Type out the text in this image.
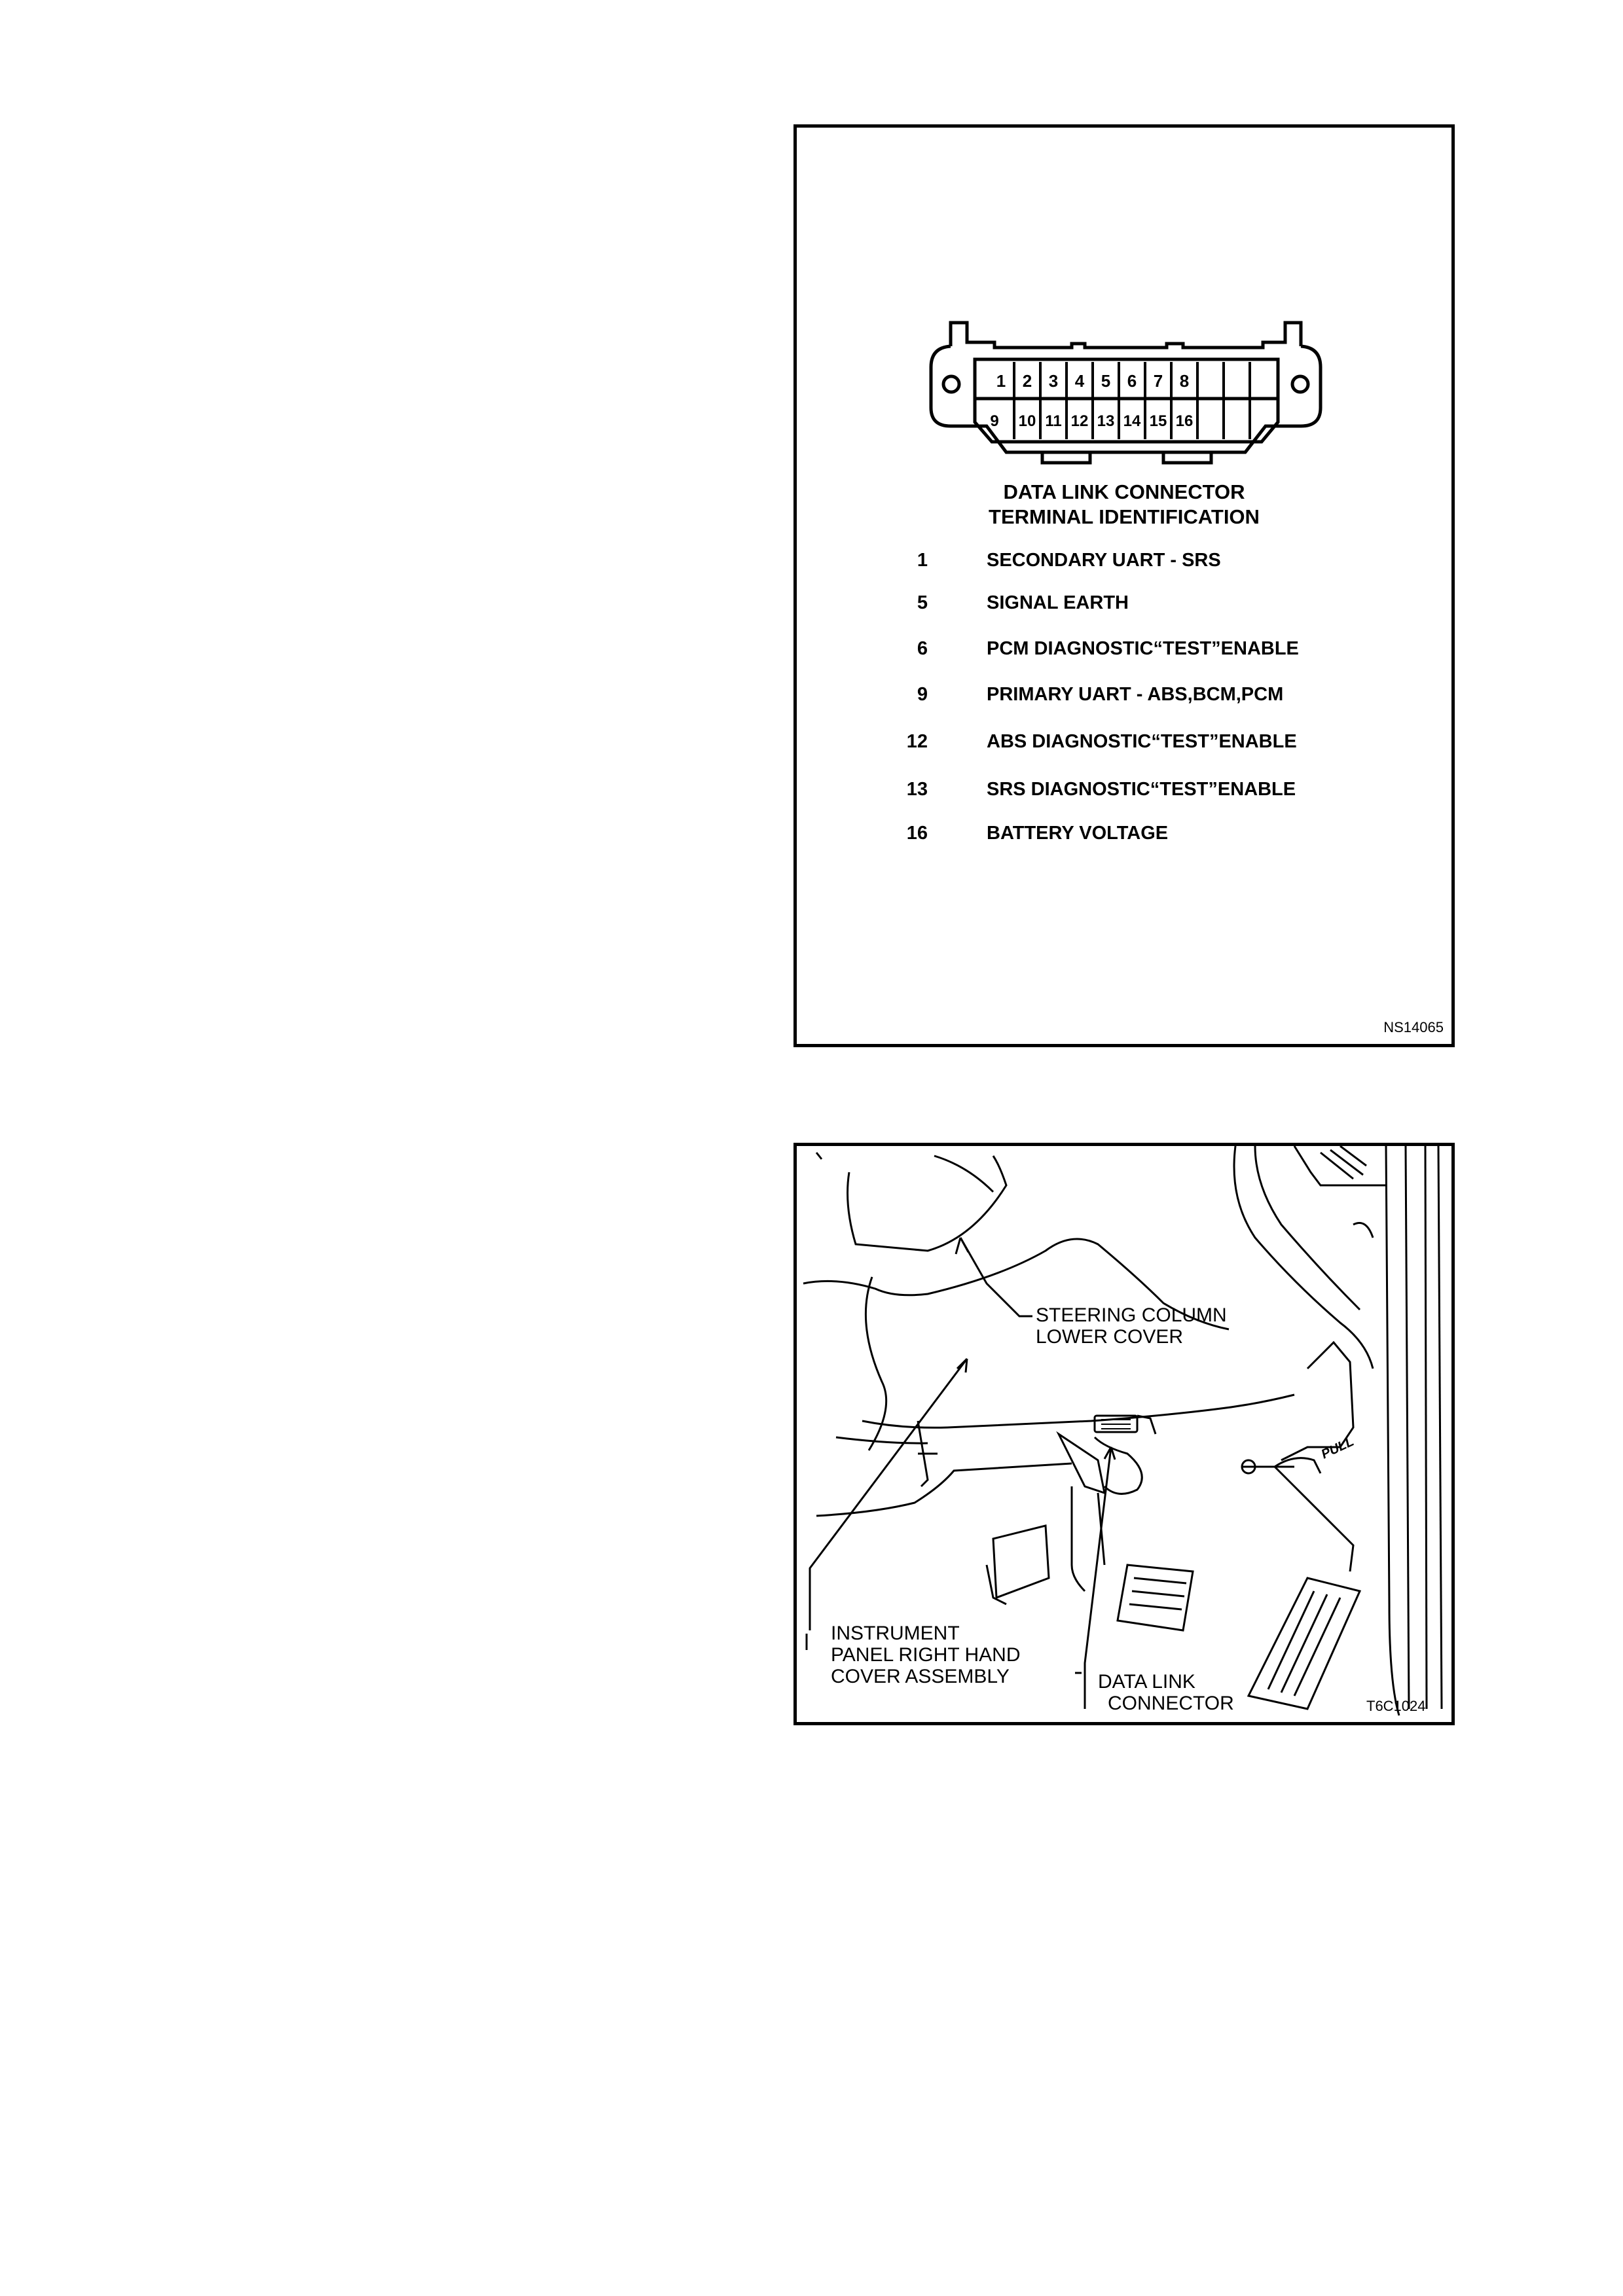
1 2 3 4 5 6 7 8
9 10 11 12 13 14 15 16
DATA LINK CONNECTOR
TERMINAL IDENTIFICATION
1	SECONDARY UART - SRS
5	SIGNAL EARTH
6	PCM DIAGNOSTIC“TEST”ENABLE
9	PRIMARY UART - ABS,BCM,PCM
12	ABS DIAGNOSTIC“TEST”ENABLE
13	SRS DIAGNOSTIC“TEST”ENABLE
16	BATTERY VOLTAGE
NS14065
PULL
STEERING COLUMN
LOWER COVER
INSTRUMENT
PANEL RIGHT HAND
COVER ASSEMBLY	DATA LINK
CONNECTOR	T6C1024
